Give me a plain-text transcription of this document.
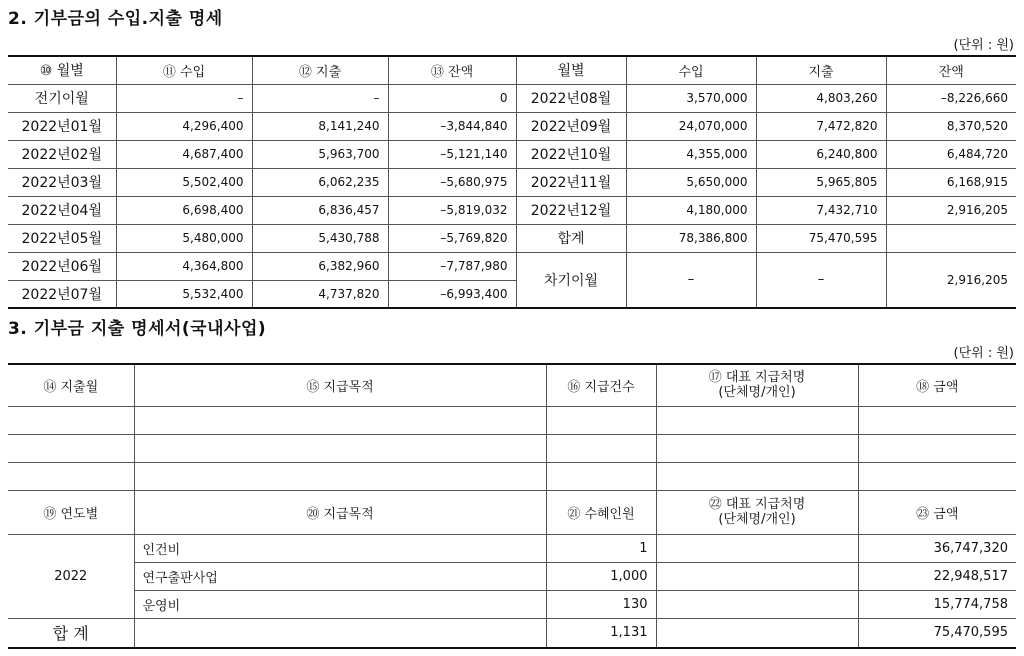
2. 기부금의 수입.지출 명세
(단위 : 원)
⑩ 월별	⑪ 수입	⑫ 지출	⑬ 잔액	월별	수입	지출	잔액
전기이월	–	–	0	2022년08월	3,570,000	4,803,260	–8,226,660
2022년01월	4,296,400	8,141,240	–3,844,840	2022년09월	24,070,000	7,472,820	8,370,520
2022년02월	4,687,400	5,963,700	–5,121,140	2022년10월	4,355,000	6,240,800	6,484,720
2022년03월	5,502,400	6,062,235	–5,680,975	2022년11월	5,650,000	5,965,805	6,168,915
2022년04월	6,698,400	6,836,457	–5,819,032	2022년12월	4,180,000	7,432,710	2,916,205
2022년05월	5,480,000	5,430,788	–5,769,820	합계	78,386,800	75,470,595	
2022년06월	4,364,800	6,382,960	–7,787,980	차기이월	–	–	2,916,205
2022년07월	5,532,400	4,737,820	–6,993,400				
3. 기부금 지출 명세서(국내사업)
(단위 : 원)
⑭ 지출월	⑮ 지급목적	⑯ 지급건수	⑰ 대표 지급처명
(단체명/개인)	⑱ 금액

⑲ 연도별	⑳ 지급목적	㉑ 수혜인원	㉒ 대표 지급처명
(단체명/개인)	㉓ 금액
2022	인건비	1		36,747,320
	연구출판사업	1,000		22,948,517
	운영비	130		15,774,758
합 계		1,131		75,470,595
